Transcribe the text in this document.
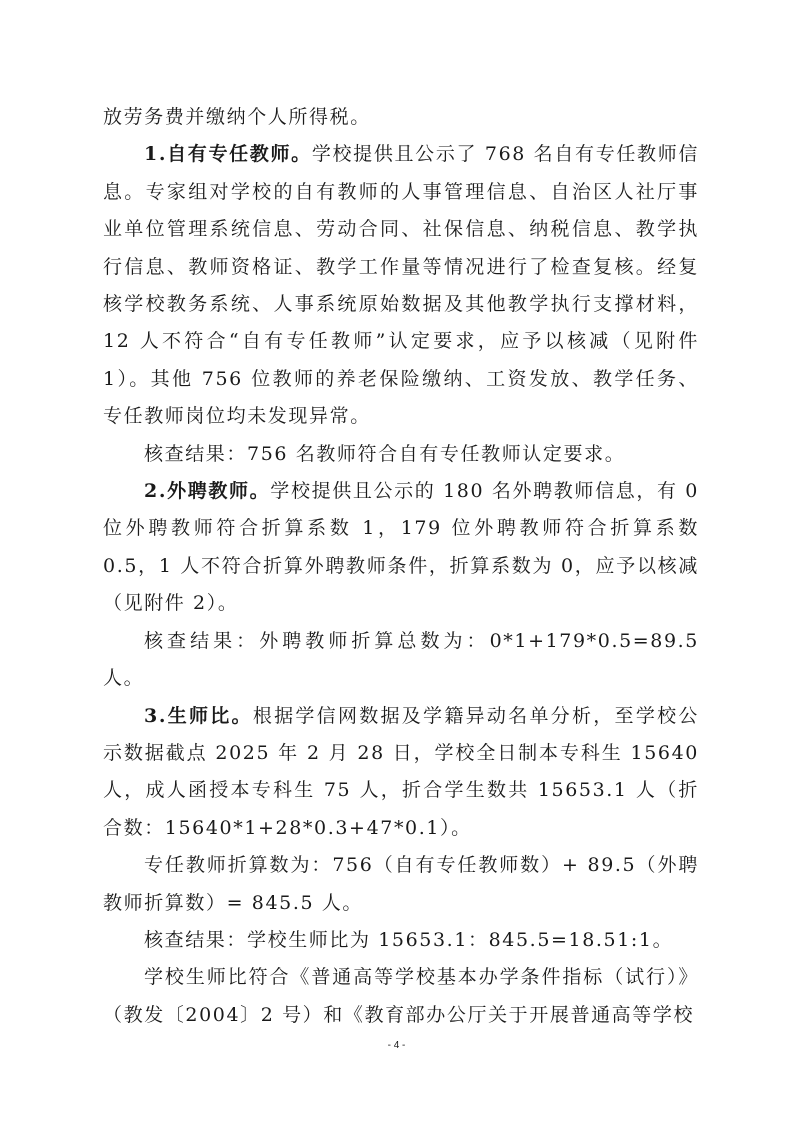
放劳务费并缴纳个人所得税。

1.自有专任教师。学校提供且公示了 768 名自有专任教师信息。专家组对学校的自有教师的人事管理信息、自治区人社厅事业单位管理系统信息、劳动合同、社保信息、纳税信息、教学执行信息、教师资格证、教学工作量等情况进行了检查复核。经复核学校教务系统、人事系统原始数据及其他教学执行支撑材料，12 人不符合“自有专任教师”认定要求，应予以核减（见附件 1）。其他 756 位教师的养老保险缴纳、工资发放、教学任务、专任教师岗位均未发现异常。

核查结果：756 名教师符合自有专任教师认定要求。

2.外聘教师。学校提供且公示的 180 名外聘教师信息，有 0 位外聘教师符合折算系数 1，179 位外聘教师符合折算系数 0.5，1 人不符合折算外聘教师条件，折算系数为 0，应予以核减（见附件 2）。

核查结果：外聘教师折算总数为：0*1+179*0.5=89.5 人。

3.生师比。根据学信网数据及学籍异动名单分析，至学校公示数据截点 2025 年 2 月 28 日，学校全日制本专科生 15640 人，成人函授本专科生 75 人，折合学生数共 15653.1 人（折合数：15640*1+28*0.3+47*0.1）。

专任教师折算数为：756（自有专任教师数）+ 89.5（外聘教师折算数）= 845.5 人。

核查结果：学校生师比为 15653.1：845.5=18.51:1。

学校生师比符合《普通高等学校基本办学条件指标（试行）》（教发〔2004〕2 号）和《教育部办公厅关于开展普通高等学校

- 4 -
